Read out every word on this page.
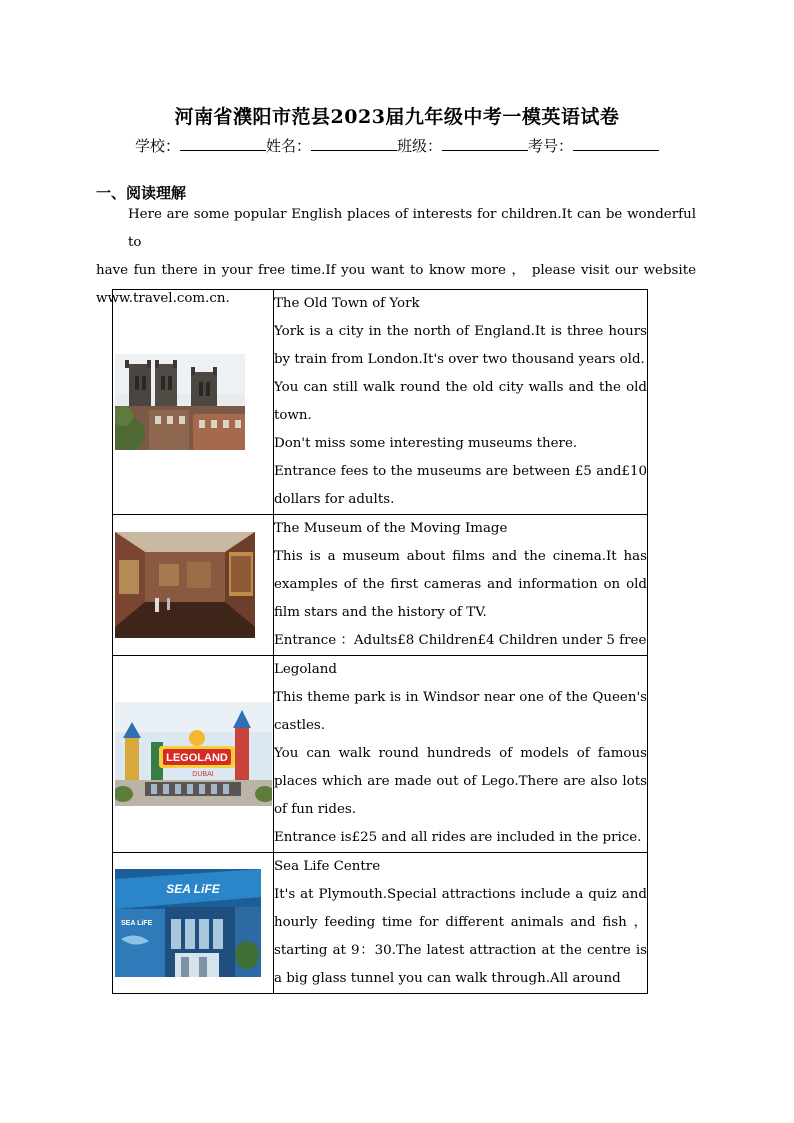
河南省濮阳市范县2023届九年级中考一模英语试卷
学校：	姓名：	班级：	考号：
一、阅读理解
Here are some popular English places of interests for children.It can be wonderful to
have fun there in your free time.If you want to know more ， please visit our website
www.travel.com.cn.
		The Old Town of York
York is a city in the north of England.It is three hours by train from London.It's over two thousand years old.
You can still walk round the old city walls and the old town.
Don't miss some interesting museums there.
Entrance fees to the museums are between £5 and£10 dollars for adults.

The Museum of the Moving Image
This is a museum about films and the cinema.It has examples of the first cameras and information on old film stars and the history of TV.
Entrance ：Adults£8 Children£4 Children under 5 free

LEGOLAND
DUBAI	Legoland
This theme park is in Windsor near one of the Queen's castles.
You can walk round hundreds of models of famous places which are made out of Lego.There are also lots of fun rides.
Entrance is£25 and all rides are included in the price.

SEA LiFE
SEA LiFE	Sea Life Centre
It's at Plymouth.Special attractions include a quiz and hourly feeding time for different animals and fish ，starting at 9：30.The latest attraction at the centre is a big glass tunnel you can walk through.All around
